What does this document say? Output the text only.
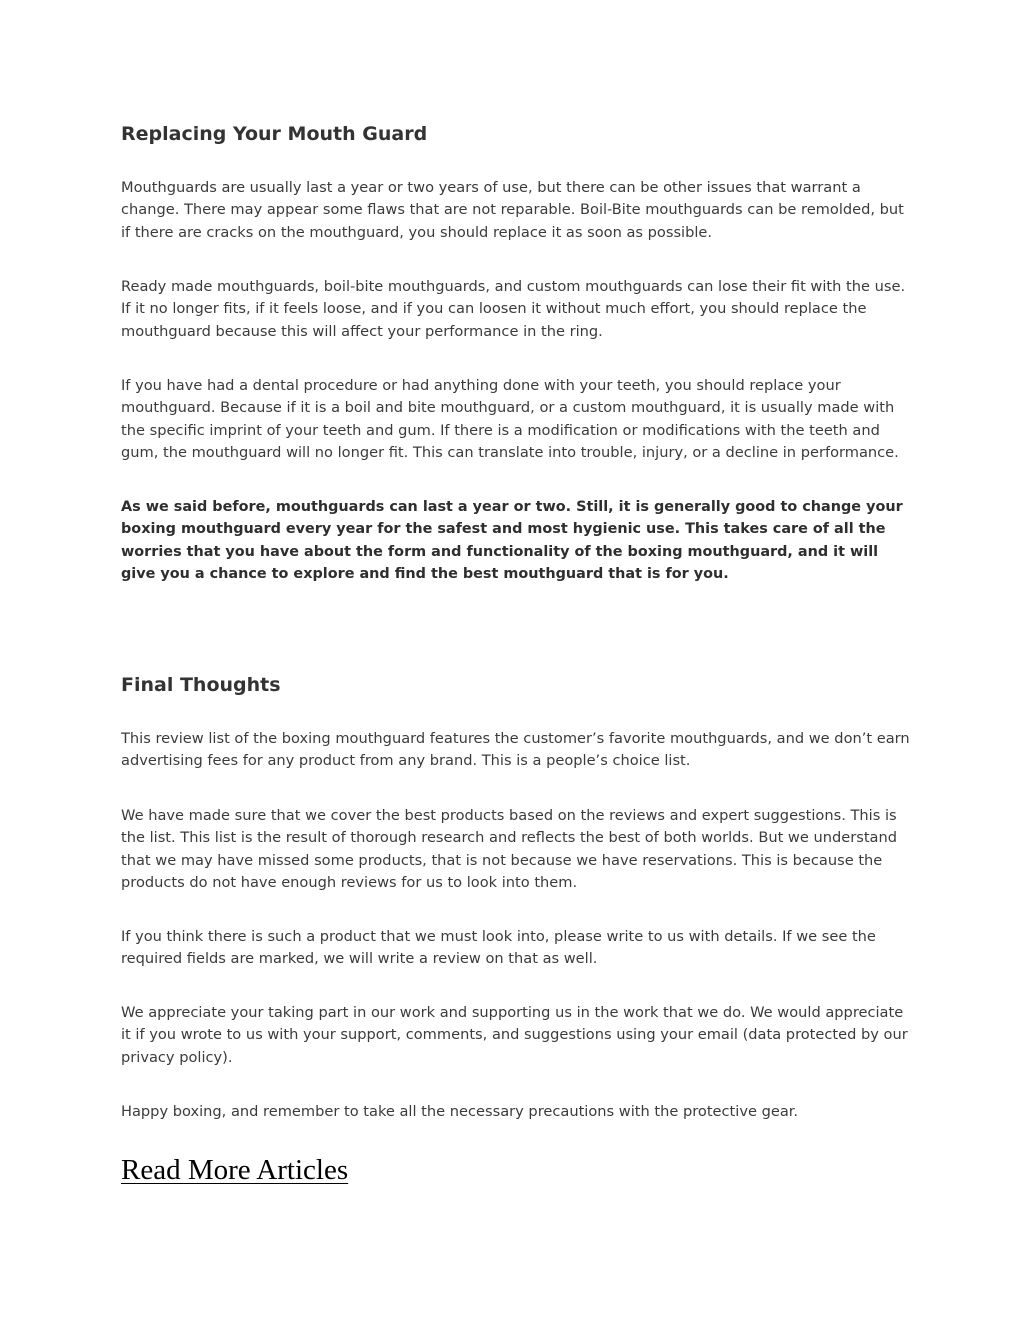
Replacing Your Mouth Guard

Mouthguards are usually last a year or two years of use, but there can be other issues that warrant a change. There may appear some flaws that are not reparable. Boil-Bite mouthguards can be remolded, but if there are cracks on the mouthguard, you should replace it as soon as possible.

Ready made mouthguards, boil-bite mouthguards, and custom mouthguards can lose their fit with the use. If it no longer fits, if it feels loose, and if you can loosen it without much effort, you should replace the mouthguard because this will affect your performance in the ring.

If you have had a dental procedure or had anything done with your teeth, you should replace your mouthguard. Because if it is a boil and bite mouthguard, or a custom mouthguard, it is usually made with the specific imprint of your teeth and gum. If there is a modification or modifications with the teeth and gum, the mouthguard will no longer fit. This can translate into trouble, injury, or a decline in performance.

As we said before, mouthguards can last a year or two. Still, it is generally good to change your boxing mouthguard every year for the safest and most hygienic use. This takes care of all the worries that you have about the form and functionality of the boxing mouthguard, and it will give you a chance to explore and find the best mouthguard that is for you.

Final Thoughts

This review list of the boxing mouthguard features the customer’s favorite mouthguards, and we don’t earn advertising fees for any product from any brand. This is a people’s choice list.

We have made sure that we cover the best products based on the reviews and expert suggestions. This is the list. This list is the result of thorough research and reflects the best of both worlds. But we understand that we may have missed some products, that is not because we have reservations. This is because the products do not have enough reviews for us to look into them.

If you think there is such a product that we must look into, please write to us with details. If we see the required fields are marked, we will write a review on that as well.

We appreciate your taking part in our work and supporting us in the work that we do. We would appreciate it if you wrote to us with your support, comments, and suggestions using your email (data protected by our privacy policy).

Happy boxing, and remember to take all the necessary precautions with the protective gear.

Read More Articles
